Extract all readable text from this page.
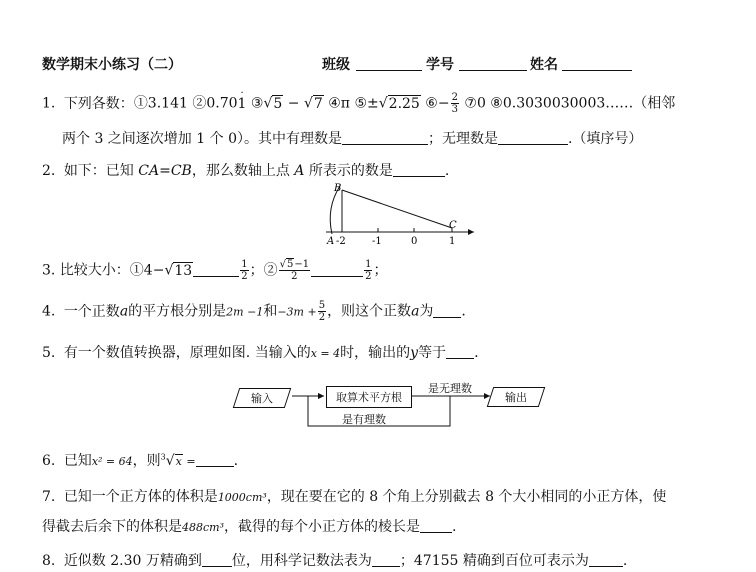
数学期末小练习（二）	班级	学号	姓名
1. 下列各数：①3.141 ②0.701
·
③√5 − √7 ④π ⑤±√2.25 ⑥− $\frac{2}{3}$ ⑦0 ⑧0.3030030003……（相邻
两个 3 之间逐次增加 1 个 0）。其中有理数是	；无理数是	.（填序号）
2. 如下：已知 CA=CB，那么数轴上点 A 所表示的数是	.
B
C
A -2	-1	0	1
3. 比较大小：①4−√13	$\frac{1}{2}$ ；② $\frac{√5-1}{2}$	$\frac{1}{2}$ ；
4. 一个正数a的平方根分别是2m −1和$-3m + \frac{5}{2}$ ，则这个正数a为 .
5. 有一个数值转换器，原理如图. 当输入的x = 4时，输出的y等于 .
输入	取算术平方根
是无理数
输出
是有理数
6. 已知x² = 64，则$^3$√x =	.
7. 已知一个正方体的体积是1000cm³，现在要在它的 8 个角上分别截去 8 个大小相同的小正方体，使
得截去后余下的体积是488cm³，截得的每个小正方体的棱长是 .
8. 近似数 2.30 万精确到 位，用科学记数法表为 ；47155 精确到百位可表示为 .
